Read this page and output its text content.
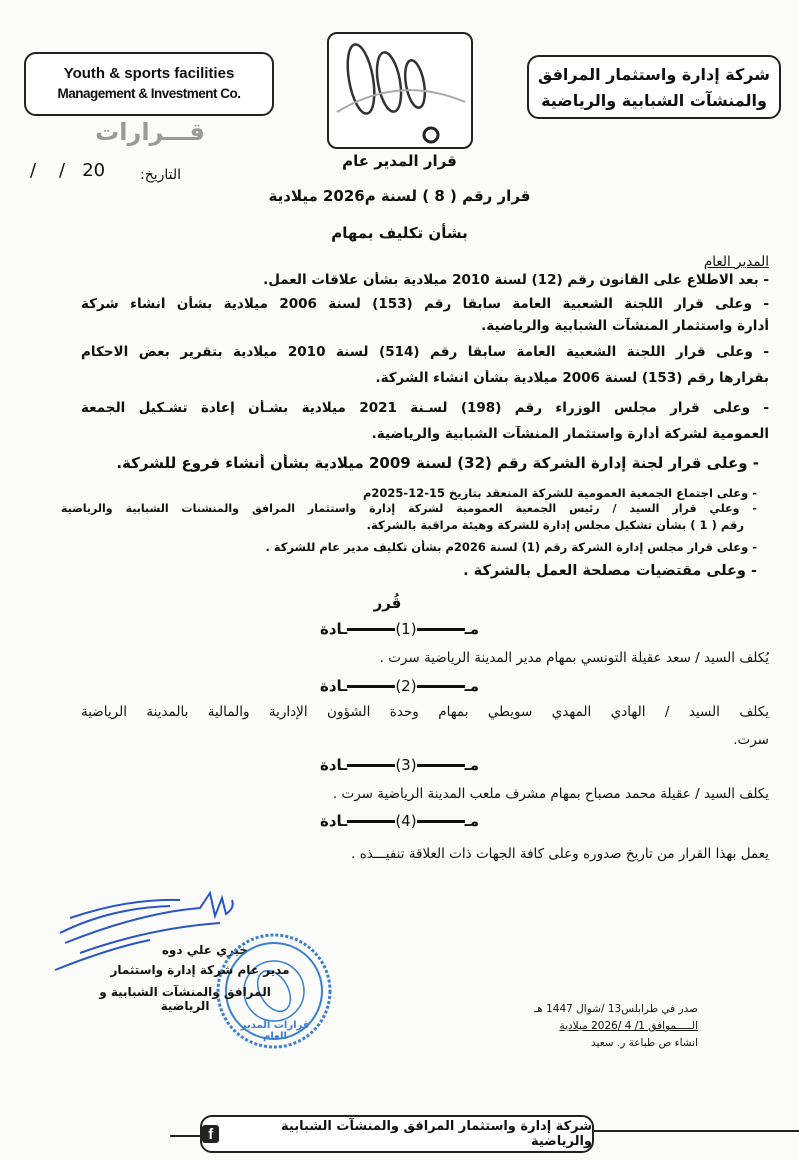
Youth & sports facilities
Management & Investment Co.
شركة إدارة واستثمار المرافق
والمنشآت الشبابية والرياضية
قـــرارات
التاريخ:
20   /    /	قرار المدير عام
قرار رقم ( 8 ) لسنة م2026 ميلادية
بشأن تكليف بمهام
المدير العام
- بعد الاطلاع على القانون رقم (12) لسنة 2010 ميلادية بشأن علاقات العمل.
- وعلى قرار اللجنة الشعبية العامة سابقا رقم (153) لسنة 2006 ميلادية بشأن انشاء شركة
أدارة واستثمار المنشآت الشبابية والرياضية.
- وعلى قرار اللجنة الشعبية العامة سابقا رقم (514) لسنة 2010 ميلادية بتقرير بعض الاحكام
بقرارها رقم (153) لسنة 2006 ميلادية بشأن انشاء الشركة.
- وعلى قرار مجلس الوزراء رقم (198) لسـنة 2021 ميلادية بشـأن إعادة تشـكيل الجمعة
العمومية لشركة أدارة واستثمار المنشآت الشبابية والرياضية.
- وعلى قرار لجنة إدارة الشركة رقم (32) لسنة 2009 ميلادية بشأن أنشاء فروع للشركة.
- وعلى اجتماع الجمعية العمومية للشركة المنعقد بتاريخ 15-12-2025م
- وعلي قرار السيد / رئيس الجمعية العمومية لشركة إدارة واستثمار المرافق والمنشنات الشبابية والرياضية
رقم ( 1 ) بشأن تشكيل مجلس إدارة للشركة وهيئة مراقبة بالشركة.
- وعلى قرار مجلس إدارة الشركة رقم (1) لسنة 2026م بشأن تكليف مدير عام للشركة .
- وعلى مقتضيات مصلحة العمل بالشركة .
قُرر
مـ(1)ـادة
يُكلف السيد / سعد عقيلة التونسي بمهام مدير المدينة الرياضية سرت .
مـ(2)ـادة
يكلف السيد / الهادي المهدي سويطي بمهام وحدة الشؤون الإدارية والمالية بالمدينة الرياضية
سرت.
مـ(3)ـادة
يكلف السيد / عقيلة محمد مصباح بمهام مشرف ملعب المدينة الرياضية سرت .
مـ(4)ـادة
يعمل بهذا القرار من تاريخ صدوره وعلى كافة الجهات ذات العلاقة تنفيـــذه .
خيري علي دوه
قرارات المدير العام
مدير عام شركة إدارة واستثمار
المرافق والمنشآت الشبابية و الرياضية	صدر في طرابلس13 /شوال 1447 هـ
الـــــموافق 1/ 4 /2026 ميلادية
انشاء ص طباعة ر. سعيد
شركة إدارة واستثمار المرافق والمنشآت الشبابية والرياضية
f
